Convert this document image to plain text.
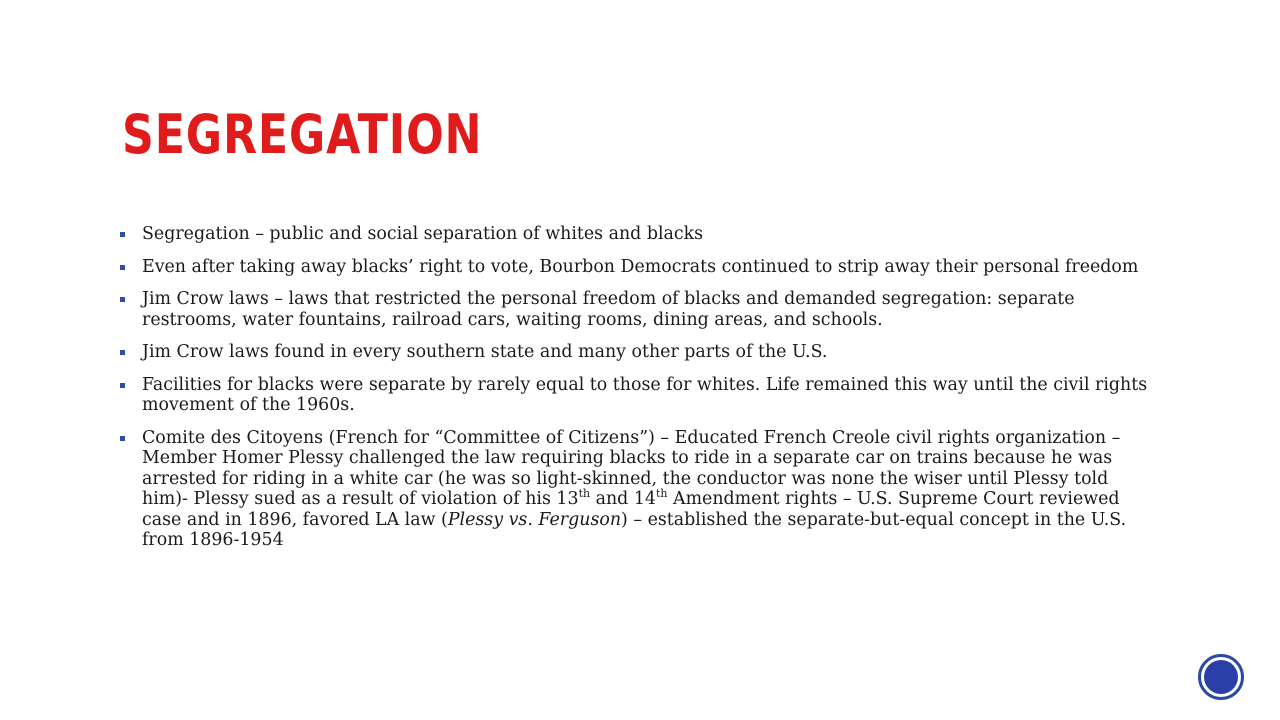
SEGREGATION
Segregation – public and social separation of whites and blacks
Even after taking away blacks’ right to vote, Bourbon Democrats continued to strip away their personal freedom
Jim Crow laws – laws that restricted the personal freedom of blacks and demanded segregation: separate restrooms, water fountains, railroad cars, waiting rooms, dining areas, and schools.
Jim Crow laws found in every southern state and many other parts of the U.S.
Facilities for blacks were separate by rarely equal to those for whites. Life remained this way until the civil rights movement of the 1960s.
Comite des Citoyens (French for “Committee of Citizens”) – Educated French Creole civil rights organization – Member Homer Plessy challenged the law requiring blacks to ride in a separate car on trains because he was arrested for riding in a white car (he was so light-skinned, the conductor was none the wiser until Plessy told him)- Plessy sued as a result of violation of his 13th and 14th Amendment rights – U.S. Supreme Court reviewed case and in 1896, favored LA law (Plessy vs. Ferguson) – established the separate-but-equal concept in the U.S. from 1896-1954
